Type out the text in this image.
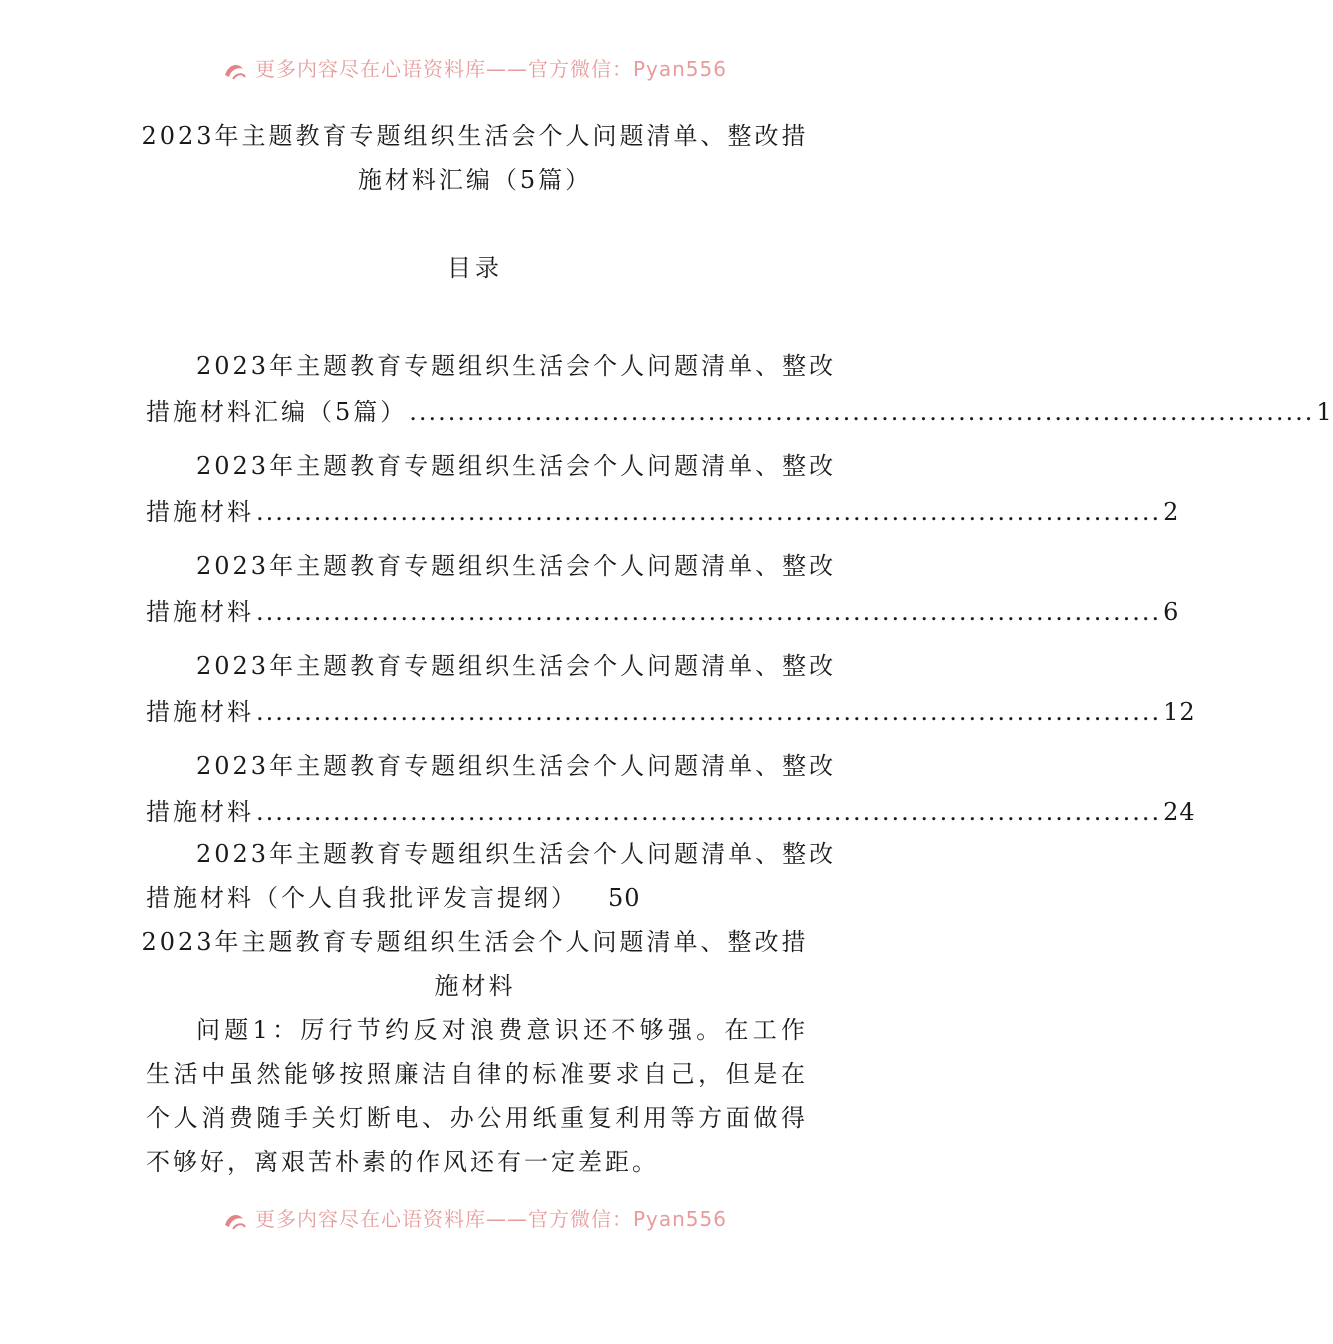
更多内容尽在心语资料库——官方微信：Pyan556
2023年主题教育专题组织生活会个人问题清单、整改措施材料汇编（5篇）
目录
2023年主题教育专题组织生活会个人问题清单、整改
措施材料汇编（5篇） .............................................................................................. 1
2023年主题教育专题组织生活会个人问题清单、整改
措施材料 .............................................................................................. 2
2023年主题教育专题组织生活会个人问题清单、整改
措施材料 .............................................................................................. 6
2023年主题教育专题组织生活会个人问题清单、整改
措施材料 .............................................................................................. 12
2023年主题教育专题组织生活会个人问题清单、整改
措施材料 .............................................................................................. 24
2023年主题教育专题组织生活会个人问题清单、整改
措施材料（个人自我批评发言提纲） 50
2023年主题教育专题组织生活会个人问题清单、整改措施材料
问题1：厉行节约反对浪费意识还不够强。在工作生活中虽然能够按照廉洁自律的标准要求自己，但是在个人消费随手关灯断电、办公用纸重复利用等方面做得不够好，离艰苦朴素的作风还有一定差距。
更多内容尽在心语资料库——官方微信：Pyan556
